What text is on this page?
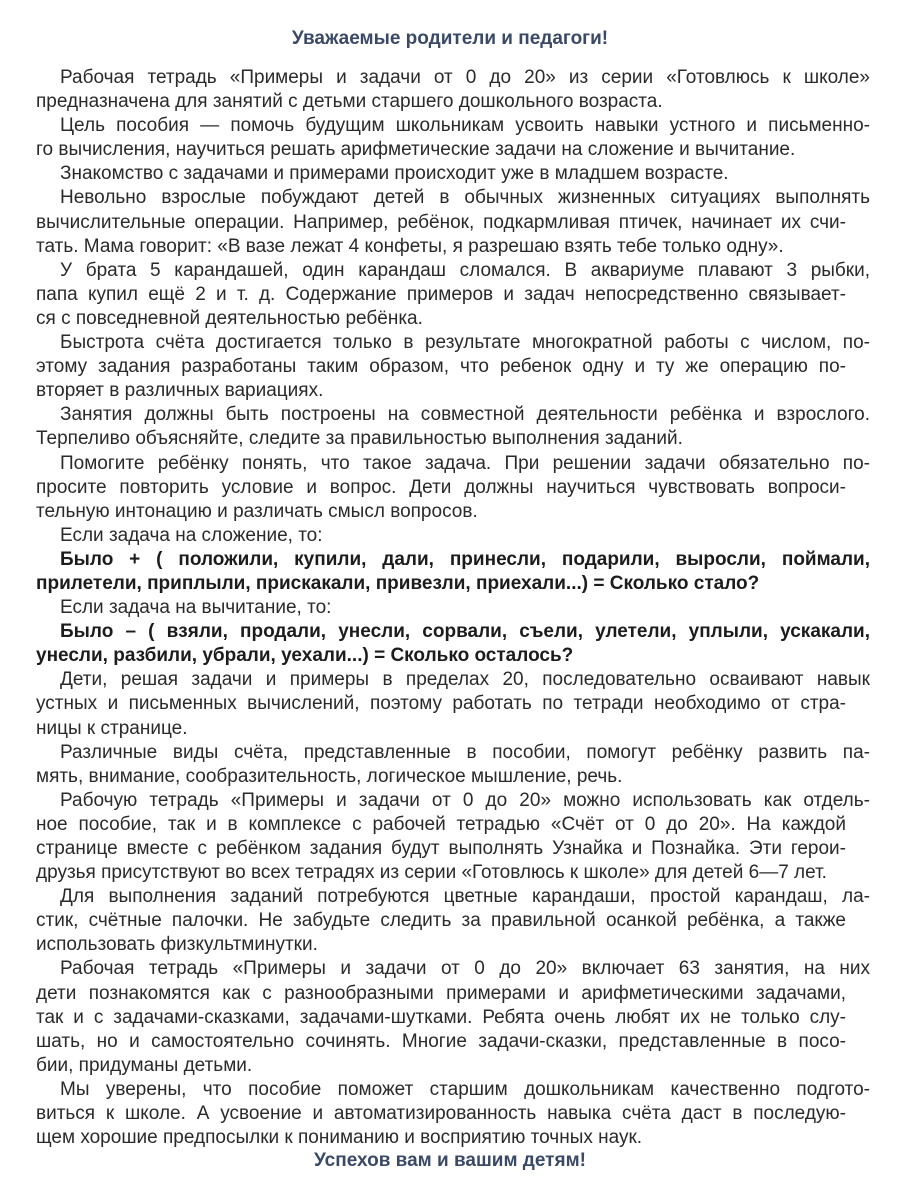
Уважаемые родители и педагоги!
Рабочая тетрадь «Примеры и задачи от 0 до 20» из серии «Готовлюсь к школе»
предназначена для занятий с детьми старшего дошкольного возраста.
Цель пособия — помочь будущим школьникам усвоить навыки устного и письменно-
го вычисления, научиться решать арифметические задачи на сложение и вычитание.
Знакомство с задачами и примерами происходит уже в младшем возрасте.
Невольно взрослые побуждают детей в обычных жизненных ситуациях выполнять
вычислительные операции. Например, ребёнок, подкармливая птичек, начинает их счи-
тать. Мама говорит: «В вазе лежат 4 конфеты, я разрешаю взять тебе только одну».
У брата 5 карандашей, один карандаш сломался. В аквариуме плавают 3 рыбки,
папа купил ещё 2 и т. д. Содержание примеров и задач непосредственно связывает-
ся с повседневной деятельностью ребёнка.
Быстрота счёта достигается только в результате многократной работы с числом, по-
этому задания разработаны таким образом, что ребенок одну и ту же операцию по-
вторяет в различных вариациях.
Занятия должны быть построены на совместной деятельности ребёнка и взрослого.
Терпеливо объясняйте, следите за правильностью выполнения заданий.
Помогите ребёнку понять, что такое задача. При решении задачи обязательно по-
просите повторить условие и вопрос. Дети должны научиться чувствовать вопроси-
тельную интонацию и различать смысл вопросов.
Если задача на сложение, то:
Было + ( положили, купили, дали, принесли, подарили, выросли, поймали,
прилетели, приплыли, прискакали, привезли, приехали...) = Сколько стало?
Если задача на вычитание, то:
Было – ( взяли, продали, унесли, сорвали, съели, улетели, уплыли, ускакали,
унесли, разбили, убрали, уехали...) = Сколько осталось?
Дети, решая задачи и примеры в пределах 20, последовательно осваивают навык
устных и письменных вычислений, поэтому работать по тетради необходимо от стра-
ницы к странице.
Различные виды счёта, представленные в пособии, помогут ребёнку развить па-
мять, внимание, сообразительность, логическое мышление, речь.
Рабочую тетрадь «Примеры и задачи от 0 до 20» можно использовать как отдель-
ное пособие, так и в комплексе с рабочей тетрадью «Счёт от 0 до 20». На каждой
странице вместе с ребёнком задания будут выполнять Узнайка и Познайка. Эти герои-
друзья присутствуют во всех тетрадях из серии «Готовлюсь к школе» для детей 6—7 лет.
Для выполнения заданий потребуются цветные карандаши, простой карандаш, ла-
стик, счётные палочки. Не забудьте следить за правильной осанкой ребёнка, а также
использовать физкультминутки.
Рабочая тетрадь «Примеры и задачи от 0 до 20» включает 63 занятия, на них
дети познакомятся как с разнообразными примерами и арифметическими задачами,
так и с задачами-сказками, задачами-шутками. Ребята очень любят их не только слу-
шать, но и самостоятельно сочинять. Многие задачи-сказки, представленные в посо-
бии, придуманы детьми.
Мы уверены, что пособие поможет старшим дошкольникам качественно подгото-
виться к школе. А усвоение и автоматизированность навыка счёта даст в последую-
щем хорошие предпосылки к пониманию и восприятию точных наук.
Успехов вам и вашим детям!
